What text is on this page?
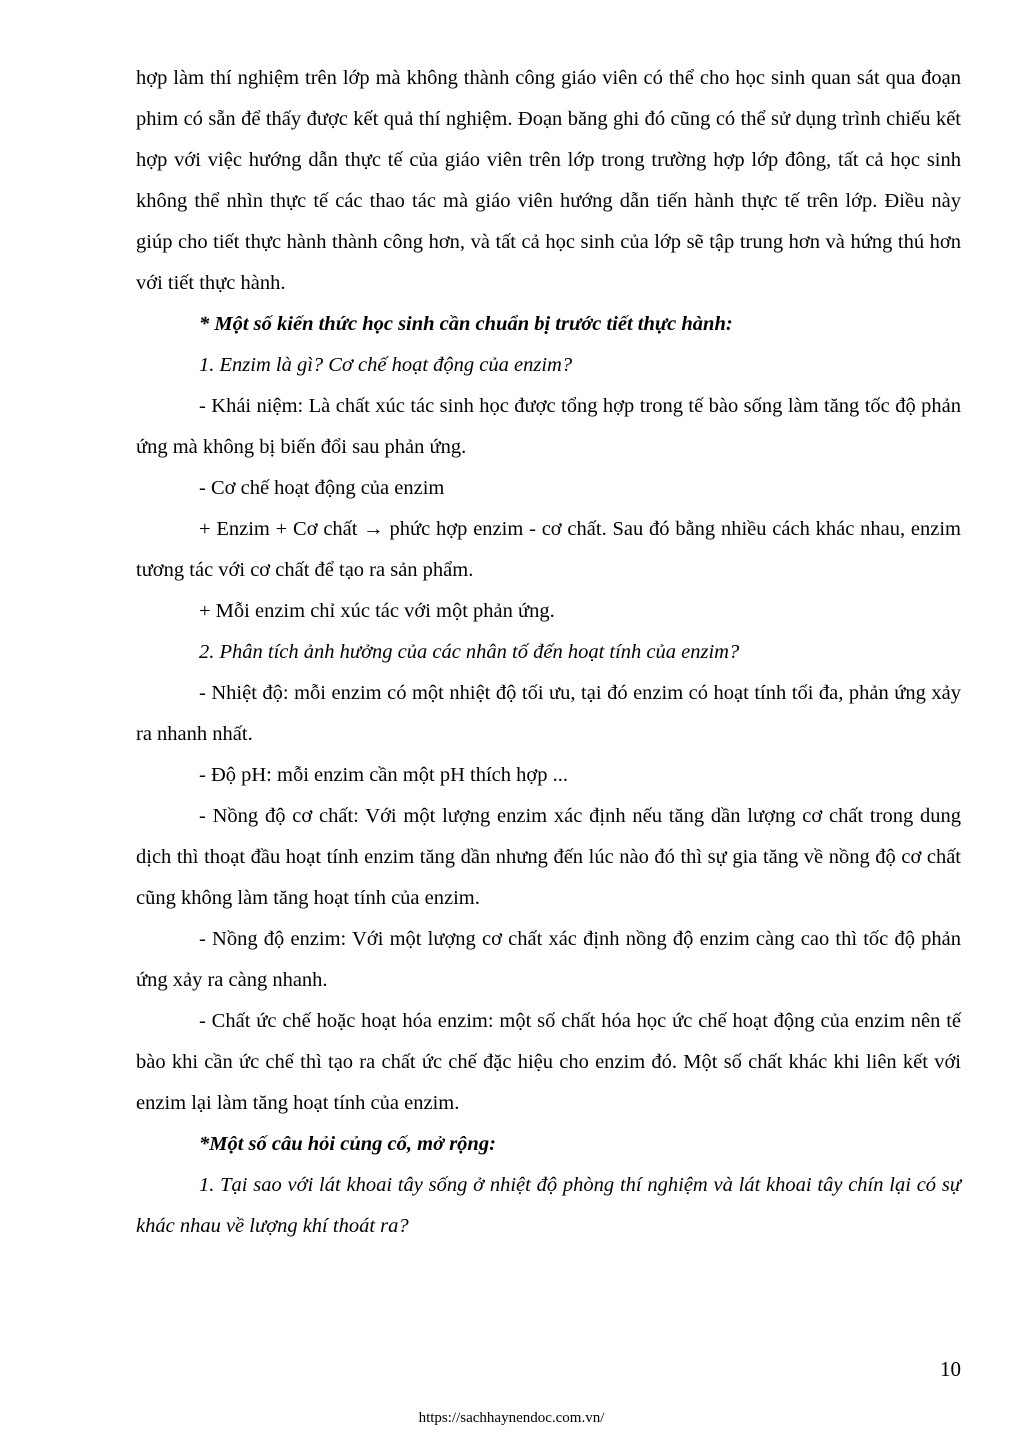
hợp làm thí nghiệm trên lớp mà không thành công giáo viên có thể cho học sinh quan sát qua đoạn phim có sẵn để thấy được kết quả thí nghiệm. Đoạn băng ghi đó cũng có thể sử dụng trình chiếu kết hợp với việc hướng dẫn thực tế của giáo viên trên lớp trong trường hợp lớp đông, tất cả học sinh không thể nhìn thực tế các thao tác mà giáo viên hướng dẫn tiến hành thực tế trên lớp. Điều này giúp cho tiết thực hành thành công hơn, và tất cả học sinh của lớp sẽ tập trung hơn và hứng thú hơn với tiết thực hành.

* Một số kiến thức học sinh cần chuẩn bị trước tiết thực hành:

1. Enzim là gì? Cơ chế hoạt động của enzim?

- Khái niệm: Là chất xúc tác sinh học được tổng hợp trong tế bào sống làm tăng tốc độ phản ứng mà không bị biến đổi sau phản ứng.

- Cơ chế hoạt động của enzim

+ Enzim + Cơ chất → phức hợp enzim - cơ chất. Sau đó bằng nhiều cách khác nhau, enzim tương tác với cơ chất để tạo ra sản phẩm.

+ Mỗi enzim chỉ xúc tác với một phản ứng.

2. Phân tích ảnh hưởng của các nhân tố đến hoạt tính của enzim?

- Nhiệt độ: mỗi enzim có một nhiệt độ tối ưu, tại đó enzim có hoạt tính tối đa, phản ứng xảy ra nhanh nhất.

- Độ pH: mỗi enzim cần một pH thích hợp ...

- Nồng độ cơ chất: Với một lượng enzim xác định nếu tăng dần lượng cơ chất trong dung dịch thì thoạt đầu hoạt tính enzim tăng dần nhưng đến lúc nào đó thì sự gia tăng về nồng độ cơ chất cũng không làm tăng hoạt tính của enzim.

- Nồng độ enzim: Với một lượng cơ chất xác định nồng độ enzim càng cao thì tốc độ phản ứng xảy ra càng nhanh.

- Chất ức chế hoặc hoạt hóa enzim: một số chất hóa học ức chế hoạt động của enzim nên tế bào khi cần ức chế thì tạo ra chất ức chế đặc hiệu cho enzim đó. Một số chất khác khi liên kết với enzim lại làm tăng hoạt tính của enzim.

*Một số câu hỏi củng cố, mở rộng:

1. Tại sao với lát khoai tây sống ở nhiệt độ phòng thí nghiệm và lát khoai tây chín lại có sự khác nhau về lượng khí thoát ra?

10
https://sachhaynendoc.com.vn/
